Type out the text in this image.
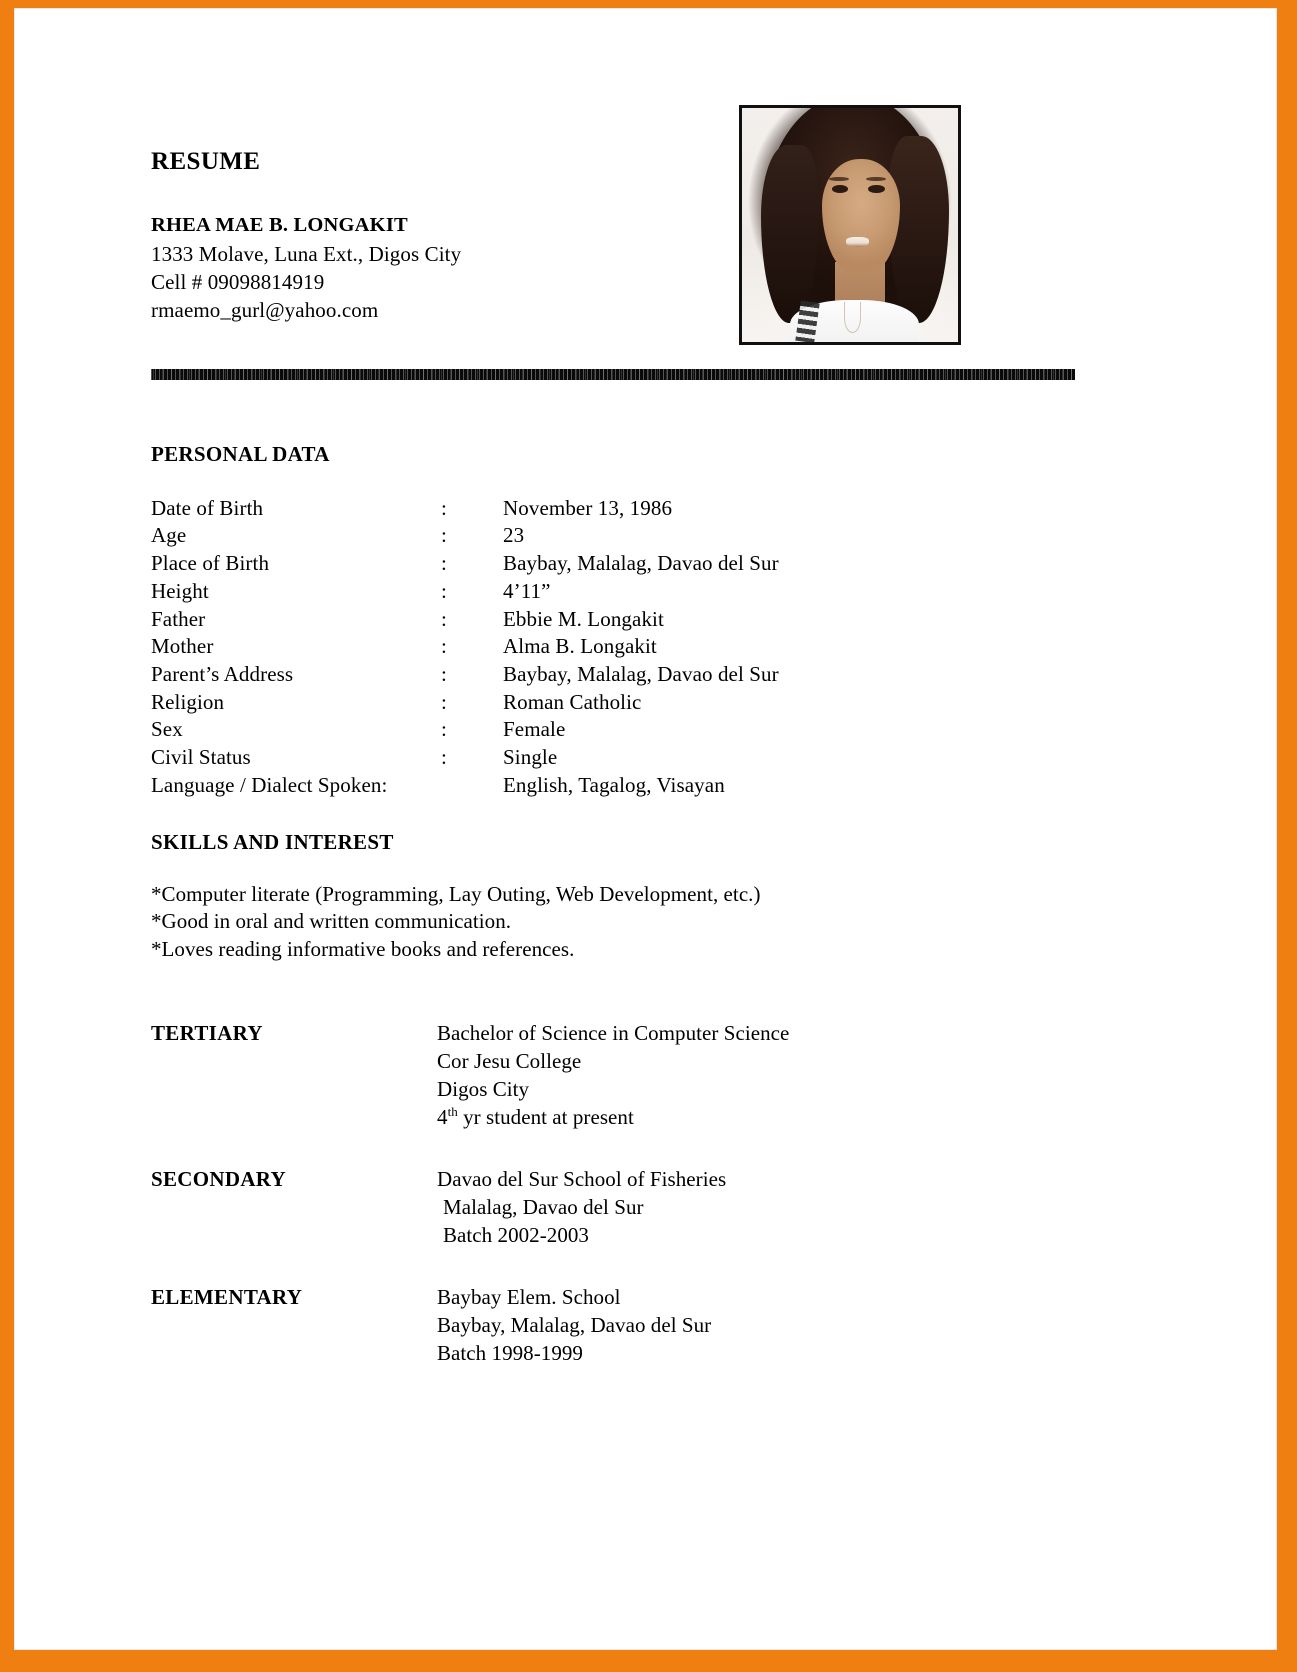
RESUME
RHEA MAE B. LONGAKIT
1333 Molave, Luna Ext., Digos City
Cell # 09098814919
rmaemo_gurl@yahoo.com
PERSONAL DATA
Date of Birth	:	November 13, 1986
Age	:	23
Place of Birth	:	Baybay, Malalag, Davao del Sur
Height	:	4’11”
Father	:	Ebbie M. Longakit
Mother	:	Alma B. Longakit
Parent’s Address	:	Baybay, Malalag, Davao del Sur
Religion	:	Roman Catholic
Sex	:	Female
Civil Status	:	Single
Language / Dialect Spoken:		English, Tagalog, Visayan
SKILLS AND INTEREST
*Computer literate (Programming, Lay Outing, Web Development, etc.)
*Good in oral and written communication.
*Loves reading informative books and references.
TERTIARY	Bachelor of Science in Computer Science
Cor Jesu College
Digos City
4th yr student at present
SECONDARY	Davao del Sur School of Fisheries
Malalag, Davao del Sur
Batch 2002-2003
ELEMENTARY	Baybay Elem. School
Baybay, Malalag, Davao del Sur
Batch 1998-1999
